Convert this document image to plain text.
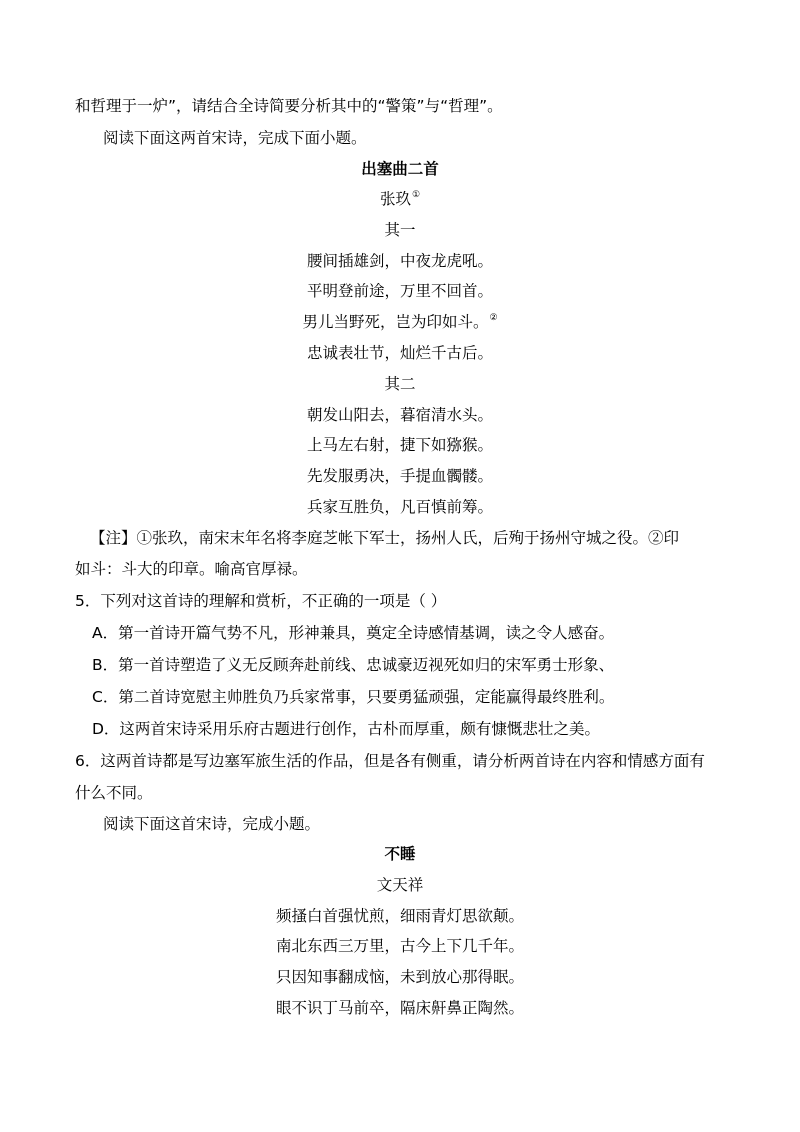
和哲理于一炉”，请结合全诗简要分析其中的“警策”与“哲理”。
阅读下面这两首宋诗，完成下面小题。
出塞曲二首
张玖①
其一
腰间插雄剑，中夜龙虎吼。
平明登前途，万里不回首。
男儿当野死，岂为印如斗。②
忠诚表壮节，灿烂千古后。
其二
朝发山阳去，暮宿清水头。
上马左右射，捷下如猕猴。
先发服勇决，手提血髑髅。
兵家互胜负，凡百慎前筹。
【注】①张玖，南宋末年名将李庭芝帐下军士，扬州人氏，后殉于扬州守城之役。②印
如斗：斗大的印章。喻高官厚禄。
5．下列对这首诗的理解和赏析，不正确的一项是（ ）
A．第一首诗开篇气势不凡，形神兼具，奠定全诗感情基调，读之令人感奋。
B．第一首诗塑造了义无反顾奔赴前线、忠诚豪迈视死如归的宋军勇士形象、
C．第二首诗宽慰主帅胜负乃兵家常事，只要勇猛顽强，定能赢得最终胜利。
D．这两首宋诗采用乐府古题进行创作，古朴而厚重，颇有慷慨悲壮之美。
6．这两首诗都是写边塞军旅生活的作品，但是各有侧重，请分析两首诗在内容和情感方面有
什么不同。
阅读下面这首宋诗，完成小题。
不睡
文天祥
频搔白首强忧煎，细雨青灯思欲颠。
南北东西三万里，古今上下几千年。
只因知事翻成恼，未到放心那得眠。
眼不识丁马前卒，隔床鼾鼻正陶然。
